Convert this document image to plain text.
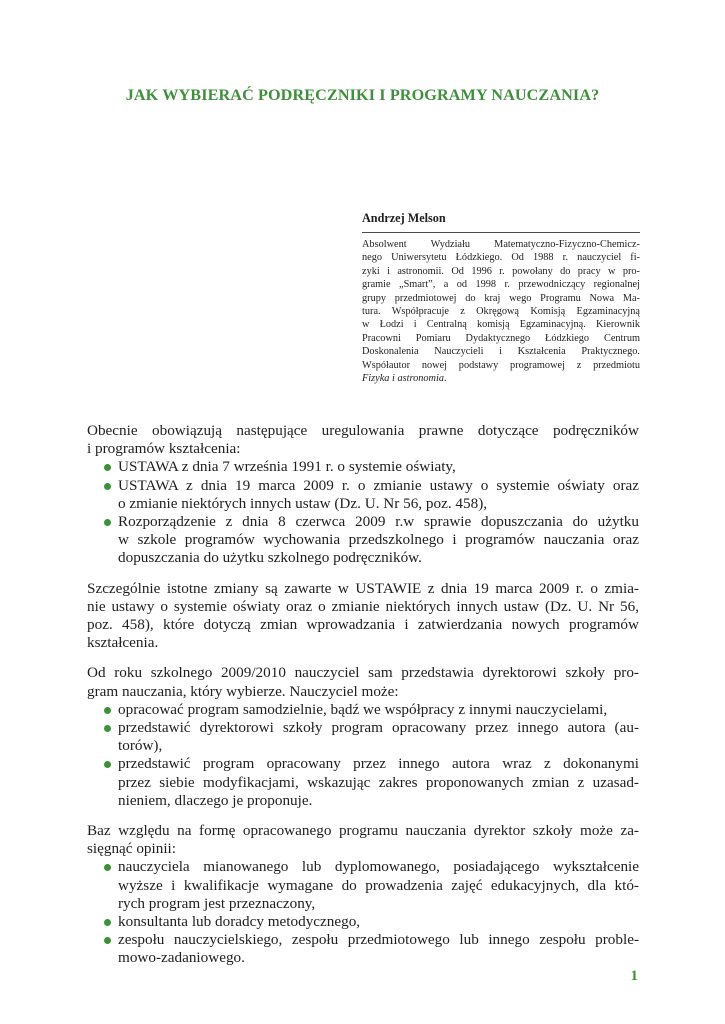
JAK WYBIERAĆ PODRĘCZNIKI I PROGRAMY NAUCZANIA?
Andrzej Melson
Absolwent Wydziału Matematyczno-Fizyczno-Chemicz-
nego Uniwersytetu Łódzkiego. Od 1988 r. nauczyciel fi-
zyki i astronomii. Od 1996 r. powołany do pracy w pro-
gramie „Smart”, a od 1998 r. przewodniczący regionalnej
grupy przedmiotowej do kraj wego Programu Nowa Ma-
tura. Współpracuje z Okręgową Komisją Egzaminacyjną
w Łodzi i Centralną komisją Egzaminacyjną. Kierownik
Pracowni Pomiaru Dydaktycznego Łódzkiego Centrum
Doskonalenia Nauczycieli i Kształcenia Praktycznego.
Współautor nowej podstawy programowej z przedmiotu
Fizyka i astronomia.
Obecnie obowiązują następujące uregulowania prawne dotyczące podręczników
i programów kształcenia:
USTAWA z dnia 7 września 1991 r. o systemie oświaty,
USTAWA z dnia 19 marca 2009 r. o zmianie ustawy o systemie oświaty oraz
o zmianie niektórych innych ustaw (Dz. U. Nr 56, poz. 458),
Rozporządzenie z dnia 8 czerwca 2009 r.w sprawie dopuszczania do użytku
w szkole programów wychowania przedszkolnego i programów nauczania oraz
dopuszczania do użytku szkolnego podręczników.
Szczególnie istotne zmiany są zawarte w USTAWIE z dnia 19 marca 2009 r. o zmia-
nie ustawy o systemie oświaty oraz o zmianie niektórych innych ustaw (Dz. U. Nr 56,
poz. 458), które dotyczą zmian wprowadzania i zatwierdzania nowych programów
kształcenia.
Od roku szkolnego 2009/2010 nauczyciel sam przedstawia dyrektorowi szkoły pro-
gram nauczania, który wybierze. Nauczyciel może:
opracować program samodzielnie, bądź we współpracy z innymi nauczycielami,
przedstawić dyrektorowi szkoły program opracowany przez innego autora (au-
torów),
przedstawić program opracowany przez innego autora wraz z dokonanymi
przez siebie modyfikacjami, wskazując zakres proponowanych zmian z uzasad-
nieniem, dlaczego je proponuje.
Baz względu na formę opracowanego programu nauczania dyrektor szkoły może za-
sięgnąć opinii:
nauczyciela mianowanego lub dyplomowanego, posiadającego wykształcenie
wyższe i kwalifikacje wymagane do prowadzenia zajęć edukacyjnych, dla któ-
rych program jest przeznaczony,
konsultanta lub doradcy metodycznego,
zespołu nauczycielskiego, zespołu przedmiotowego lub innego zespołu proble-
mowo-zadaniowego.
1
